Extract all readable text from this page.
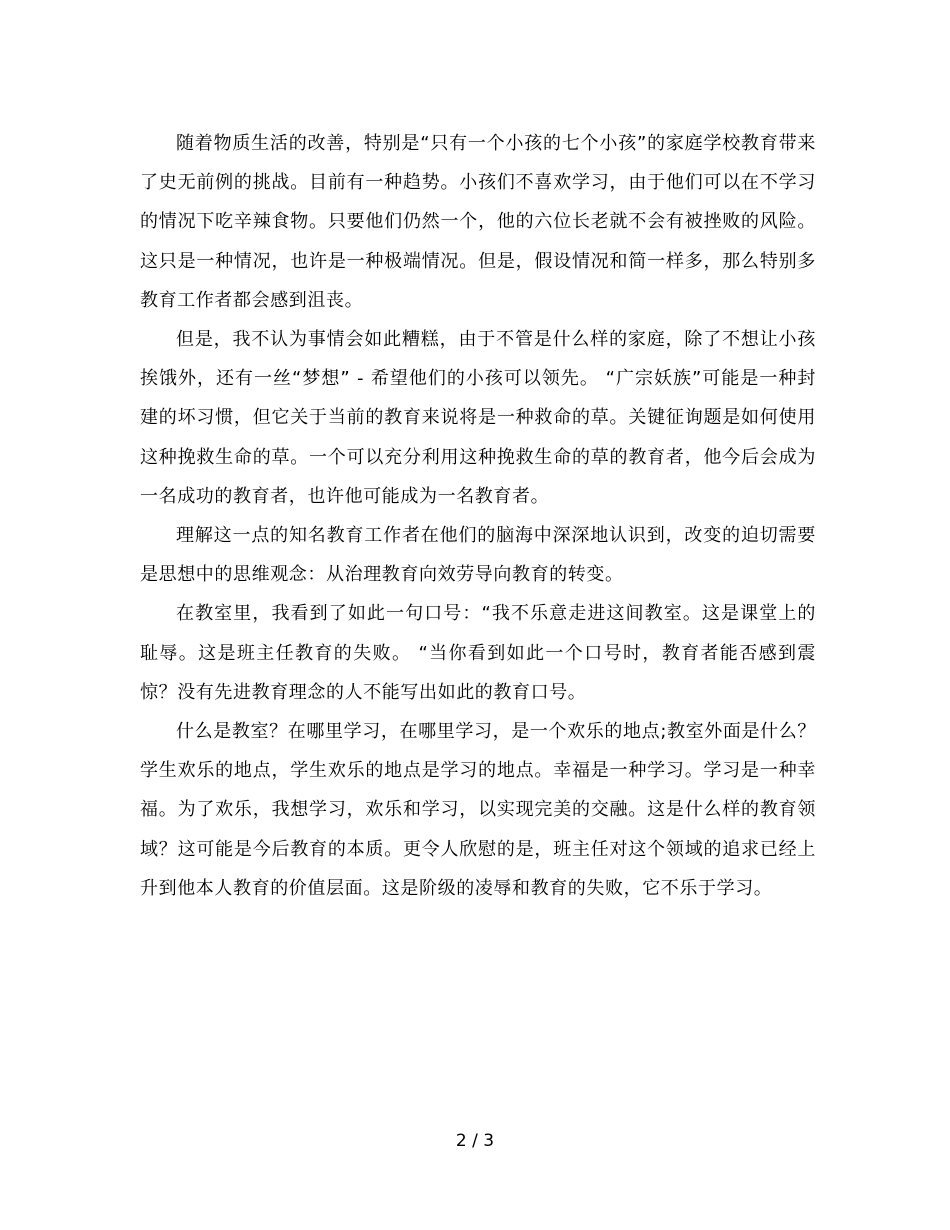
随着物质生活的改善，特别是“只有一个小孩的七个小孩”的家庭学校教育带来了史无前例的挑战。目前有一种趋势。小孩们不喜欢学习，由于他们可以在不学习的情况下吃辛辣食物。只要他们仍然一个，他的六位长老就不会有被挫败的风险。这只是一种情况，也许是一种极端情况。但是，假设情况和简一样多，那么特别多教育工作者都会感到沮丧。

但是，我不认为事情会如此糟糕，由于不管是什么样的家庭，除了不想让小孩挨饿外，还有一丝“梦想” - 希望他们的小孩可以领先。 “广宗妖族”可能是一种封建的坏习惯，但它关于当前的教育来说将是一种救命的草。关键征询题是如何使用这种挽救生命的草。一个可以充分利用这种挽救生命的草的教育者，他今后会成为一名成功的教育者，也许他可能成为一名教育者。

理解这一点的知名教育工作者在他们的脑海中深深地认识到，改变的迫切需要是思想中的思维观念：从治理教育向效劳导向教育的转变。

在教室里，我看到了如此一句口号：“我不乐意走进这间教室。这是课堂上的耻辱。这是班主任教育的失败。 “当你看到如此一个口号时，教育者能否感到震惊？没有先进教育理念的人不能写出如此的教育口号。

什么是教室？在哪里学习，在哪里学习，是一个欢乐的地点;教室外面是什么？学生欢乐的地点，学生欢乐的地点是学习的地点。幸福是一种学习。学习是一种幸福。为了欢乐，我想学习，欢乐和学习，以实现完美的交融。这是什么样的教育领域？这可能是今后教育的本质。更令人欣慰的是，班主任对这个领域的追求已经上升到他本人教育的价值层面。这是阶级的凌辱和教育的失败，它不乐于学习。

2 / 3
